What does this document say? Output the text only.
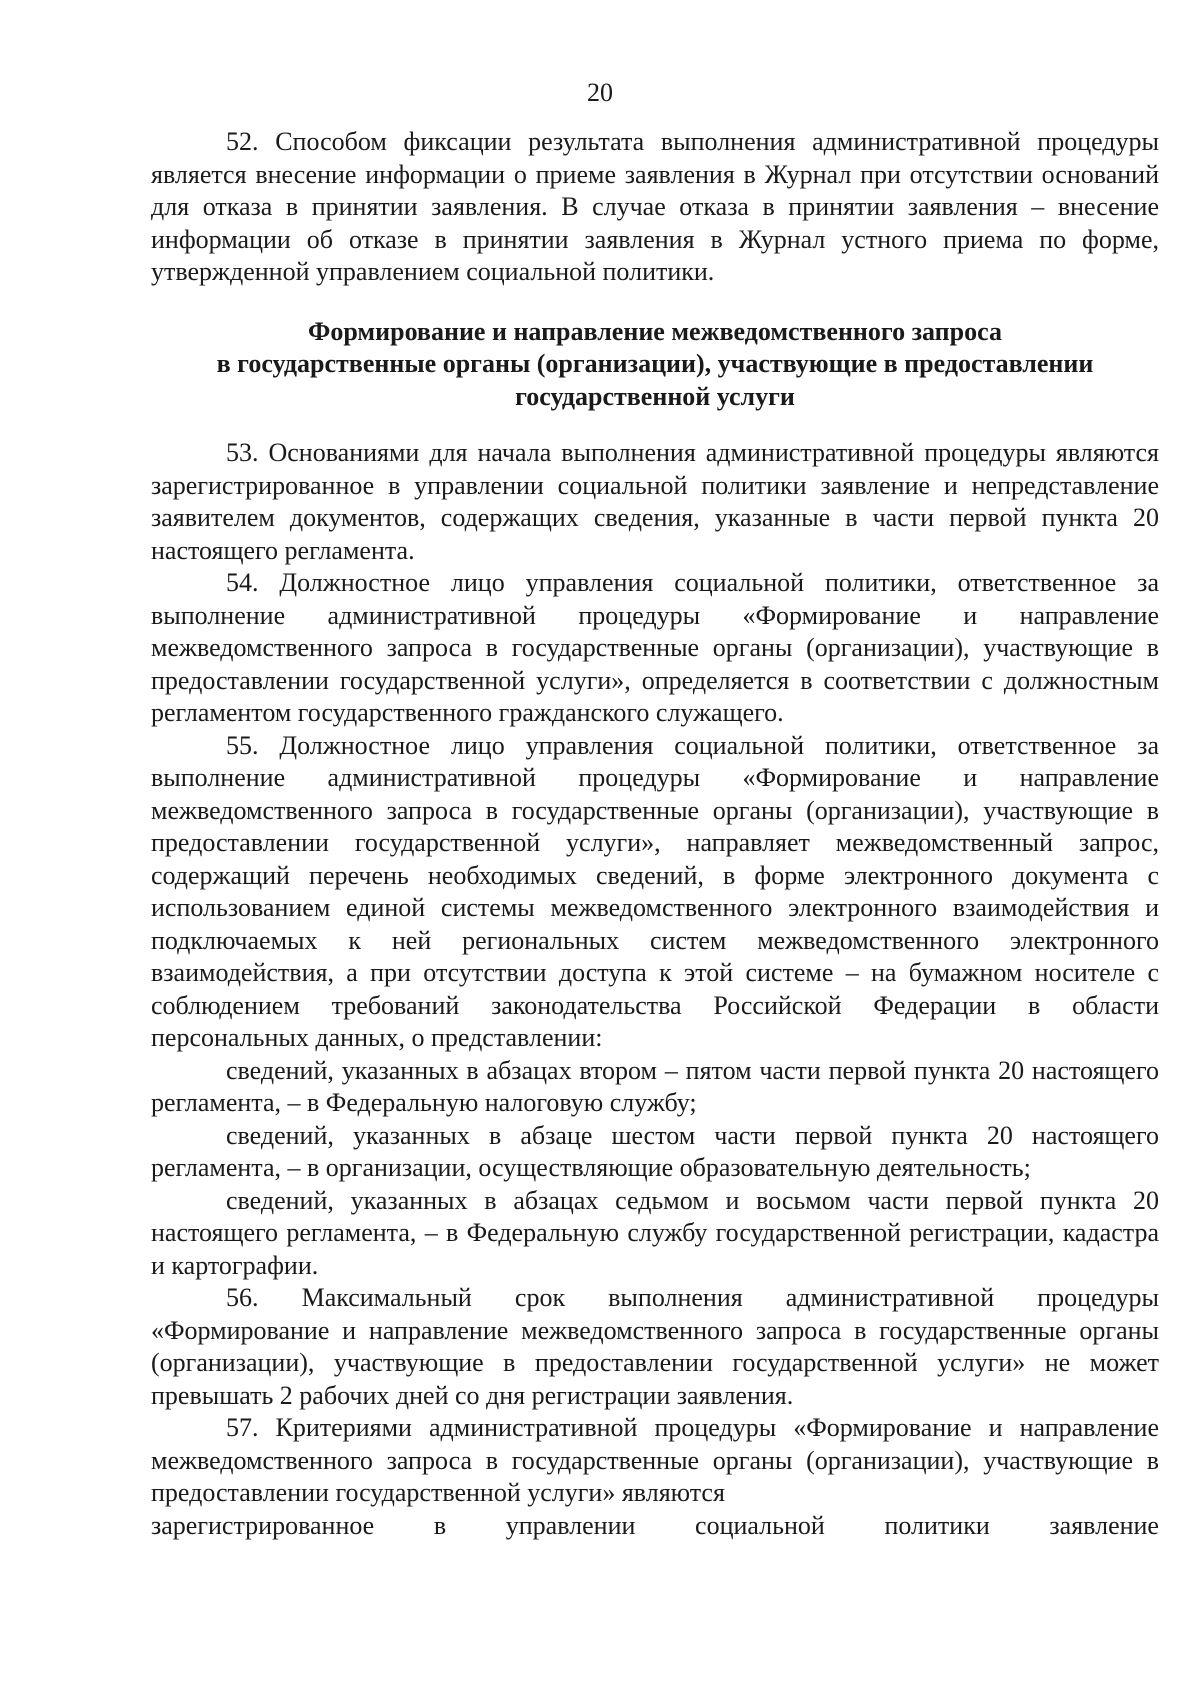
20

52. Способом фиксации результата выполнения административной процедуры является внесение информации о приеме заявления в Журнал при отсутствии оснований для отказа в принятии заявления. В случае отказа в принятии заявления – внесение информации об отказе в принятии заявления в Журнал устного приема по форме, утвержденной управлением социальной политики.

Формирование и направление межведомственного запроса
в государственные органы (организации), участвующие в предоставлении
государственной услуги

53. Основаниями для начала выполнения административной процедуры являются зарегистрированное в управлении социальной политики заявление и непредставление заявителем документов, содержащих сведения, указанные в части первой пункта 20 настоящего регламента.

54. Должностное лицо управления социальной политики, ответственное за выполнение административной процедуры «Формирование и направление межведомственного запроса в государственные органы (организации), участвующие в предоставлении государственной услуги», определяется в соответствии с должностным регламентом государственного гражданского служащего.

55. Должностное лицо управления социальной политики, ответственное за выполнение административной процедуры «Формирование и направление межведомственного запроса в государственные органы (организации), участвующие в предоставлении государственной услуги», направляет межведомственный запрос, содержащий перечень необходимых сведений, в форме электронного документа с использованием единой системы межведомственного электронного взаимодействия и подключаемых к ней региональных систем межведомственного электронного взаимодействия, а при отсутствии доступа к этой системе – на бумажном носителе с соблюдением требований законодательства Российской Федерации в области персональных данных, о представлении:

сведений, указанных в абзацах втором – пятом части первой пункта 20 настоящего регламента, – в Федеральную налоговую службу;

сведений, указанных в абзаце шестом части первой пункта 20 настоящего регламента, – в организации, осуществляющие образовательную деятельность;

сведений, указанных в абзацах седьмом и восьмом части первой пункта 20 настоящего регламента, – в Федеральную службу государственной регистрации, кадастра и картографии.

56. Максимальный срок выполнения административной процедуры «Формирование и направление межведомственного запроса в государственные органы (организации), участвующие в предоставлении государственной услуги» не может превышать 2 рабочих дней со дня регистрации заявления.

57. Критериями административной процедуры «Формирование и направление межведомственного запроса в государственные органы (организации), участвующие в предоставлении государственной услуги» являются

зарегистрированное в управлении социальной политики заявление
